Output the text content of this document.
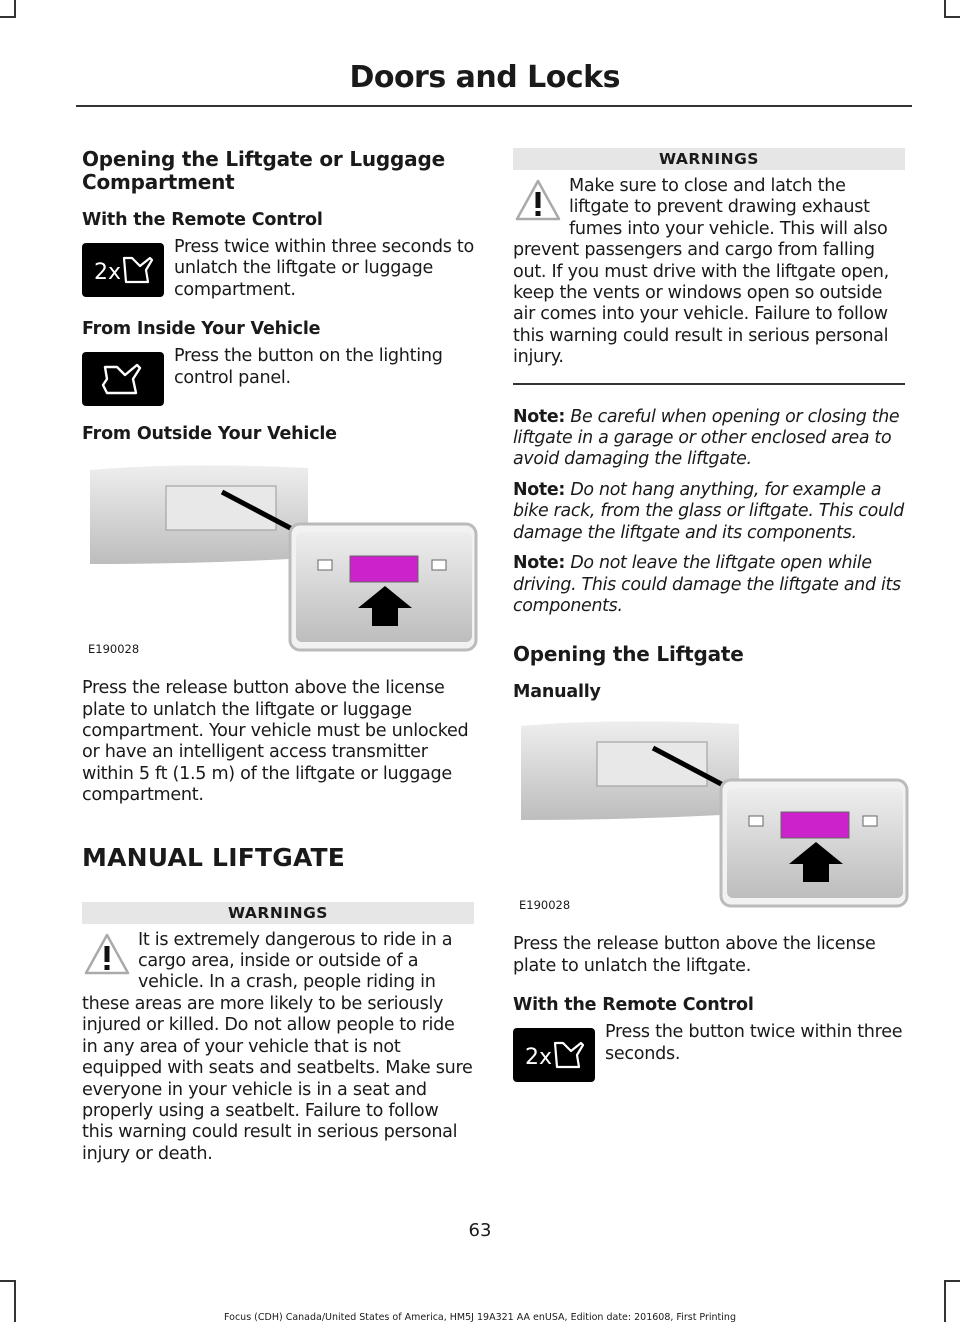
Doors and Locks
Opening the Liftgate or Luggage Compartment
With the Remote Control
2x

Press twice within three seconds to unlatch the liftgate or luggage compartment.

From Inside Your Vehicle

Press the button on the lighting control panel.

From Outside Your Vehicle
E190028

Press the release button above the license plate to unlatch the liftgate or luggage compartment. Your vehicle must be unlocked or have an intelligent access transmitter within 5 ft (1.5 m) of the liftgate or luggage compartment.

MANUAL LIFTGATE
WARNINGS

It is extremely dangerous to ride in a cargo area, inside or outside of a vehicle. In a crash, people riding in these areas are more likely to be seriously injured or killed. Do not allow people to ride in any area of your vehicle that is not equipped with seats and seatbelts. Make sure everyone in your vehicle is in a seat and properly using a seatbelt. Failure to follow this warning could result in serious personal injury or death.

WARNINGS

Make sure to close and latch the liftgate to prevent drawing exhaust fumes into your vehicle. This will also prevent passengers and cargo from falling out. If you must drive with the liftgate open, keep the vents or windows open so outside air comes into your vehicle. Failure to follow this warning could result in serious personal injury.

Note: Be careful when opening or closing the liftgate in a garage or other enclosed area to avoid damaging the liftgate.

Note: Do not hang anything, for example a bike rack, from the glass or liftgate. This could damage the liftgate and its components.

Note: Do not leave the liftgate open while driving. This could damage the liftgate and its components.

Opening the Liftgate
Manually
E190028

Press the release button above the license plate to unlatch the liftgate.

With the Remote Control
2x

Press the button twice within three seconds.

63
Focus (CDH) Canada/United States of America, HM5J 19A321 AA enUSA, Edition date: 201608, First Printing
